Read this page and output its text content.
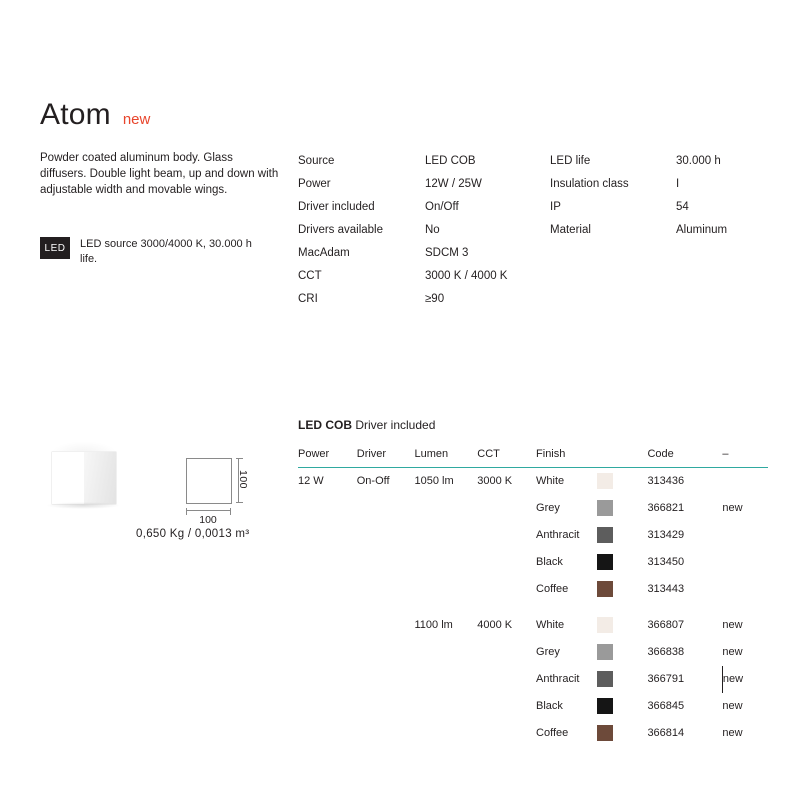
Atom new
Powder coated aluminum body. Glass diffusers. Double light beam, up and down with adjustable width and movable wings.
LED	LED source 3000/4000 K, 30.000 h life.
Source	LED COB
Power	12W / 25W
Driver included	On/Off
Drivers available	No
MacAdam	SDCM 3
CCT	3000 K / 4000 K
CRI	≥90
LED life	30.000 h
Insulation class	I
IP	54
Material	Aluminum
100
100
0,650 Kg / 0,0013 m³
LED COB Driver included
Power	Driver	Lumen	CCT	Finish		Code	–
12 W	On-Off	1050 lm	3000 K	White		313436	
				Grey		366821	new
				Anthracit		313429	
				Black		313450	
				Coffee		313443	
		1100 lm	4000 K	White		366807	new
				Grey		366838	new
				Anthracit		366791	new
				Black		366845	new
				Coffee		366814	new
